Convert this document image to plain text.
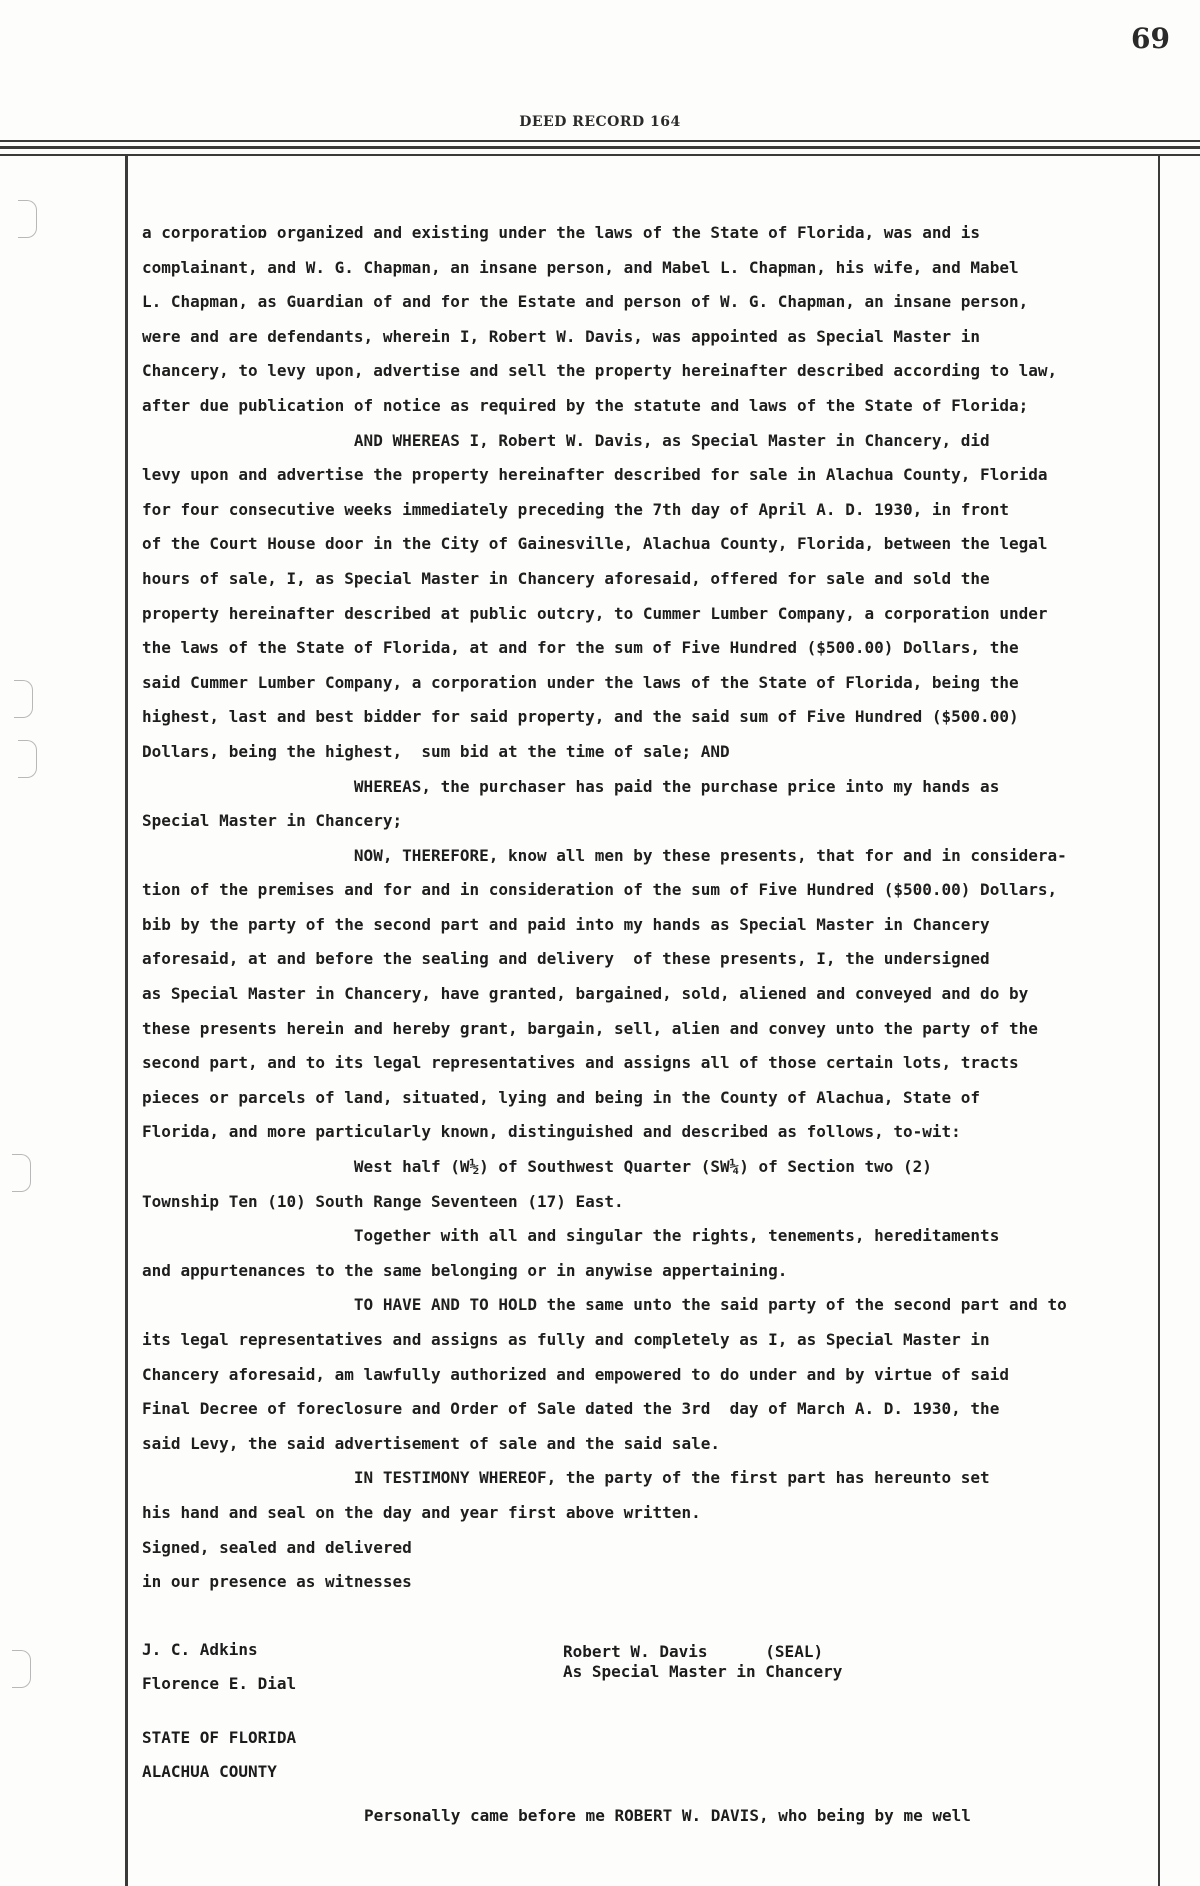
69
DEED RECORD 164
a corporatioɒ organized and existing under the laws of the State of Florida, was and is
complainant, and W. G. Chapman, an insane person, and Mabel L. Chapman, his wife, and Mabel
L. Chapman, as Guardian of and for the Estate and person of W. G. Chapman, an insane person,
were and are defendants, wherein I, Robert W. Davis, was appointed as Special Master in
Chancery, to levy upon, advertise and sell the property hereinafter described according to law,
after due publication of notice as required by the statute and laws of the State of Florida;
AND WHEREAS I, Robert W. Davis, as Special Master in Chancery, did
levy upon and advertise the property hereinafter described for sale in Alachua County, Florida
for four consecutive weeks immediately preceding the 7th day of April A. D. 1930, in front
of the Court House door in the City of Gainesville, Alachua County, Florida, between the legal
hours of sale, I, as Special Master in Chancery aforesaid, offered for sale and sold the
property hereinafter described at public outcry, to Cummer Lumber Company, a corporation under
the laws of the State of Florida, at and for the sum of Five Hundred ($500.00) Dollars, the
said Cummer Lumber Company, a corporation under the laws of the State of Florida, being the
highest, last and best bidder for said property, and the said sum of Five Hundred ($500.00)
Dollars, being the highest,  sum bid at the time of sale; AND
WHEREAS, the purchaser has paid the purchase price into my hands as
Special Master in Chancery;
NOW, THEREFORE, know all men by these presents, that for and in considera-
tion of the premises and for and in consideration of the sum of Five Hundred ($500.00) Dollars,
bib by the party of the second part and paid into my hands as Special Master in Chancery
aforesaid, at and before the sealing and delivery  of these presents, I, the undersigned
as Special Master in Chancery, have granted, bargained, sold, aliened and conveyed and do by
these presents herein and hereby grant, bargain, sell, alien and convey unto the party of the
second part, and to its legal representatives and assigns all of those certain lots, tracts
pieces or parcels of land, situated, lying and being in the County of Alachua, State of
Florida, and more particularly known, distinguished and described as follows, to-wit:
West half (W½) of Southwest Quarter (SW¼) of Section two (2)
Township Ten (10) South Range Seventeen (17) East.
Together with all and singular the rights, tenements, hereditaments
and appurtenances to the same belonging or in anywise appertaining.
TO HAVE AND TO HOLD the same unto the said party of the second part and to
its legal representatives and assigns as fully and completely as I, as Special Master in
Chancery aforesaid, am lawfully authorized and empowered to do under and by virtue of said
Final Decree of foreclosure and Order of Sale dated the 3rd  day of March A. D. 1930, the
said Levy, the said advertisement of sale and the said sale.
IN TESTIMONY WHEREOF, the party of the first part has hereunto set
his hand and seal on the day and year first above written.
Signed, sealed and delivered
in our presence as witnesses
J. C. Adkins
Florence E. Dial
Robert W. Davis      (SEAL)
As Special Master in Chancery
STATE OF FLORIDA
ALACHUA COUNTY
Personally came before me ROBERT W. DAVIS, who being by me well
